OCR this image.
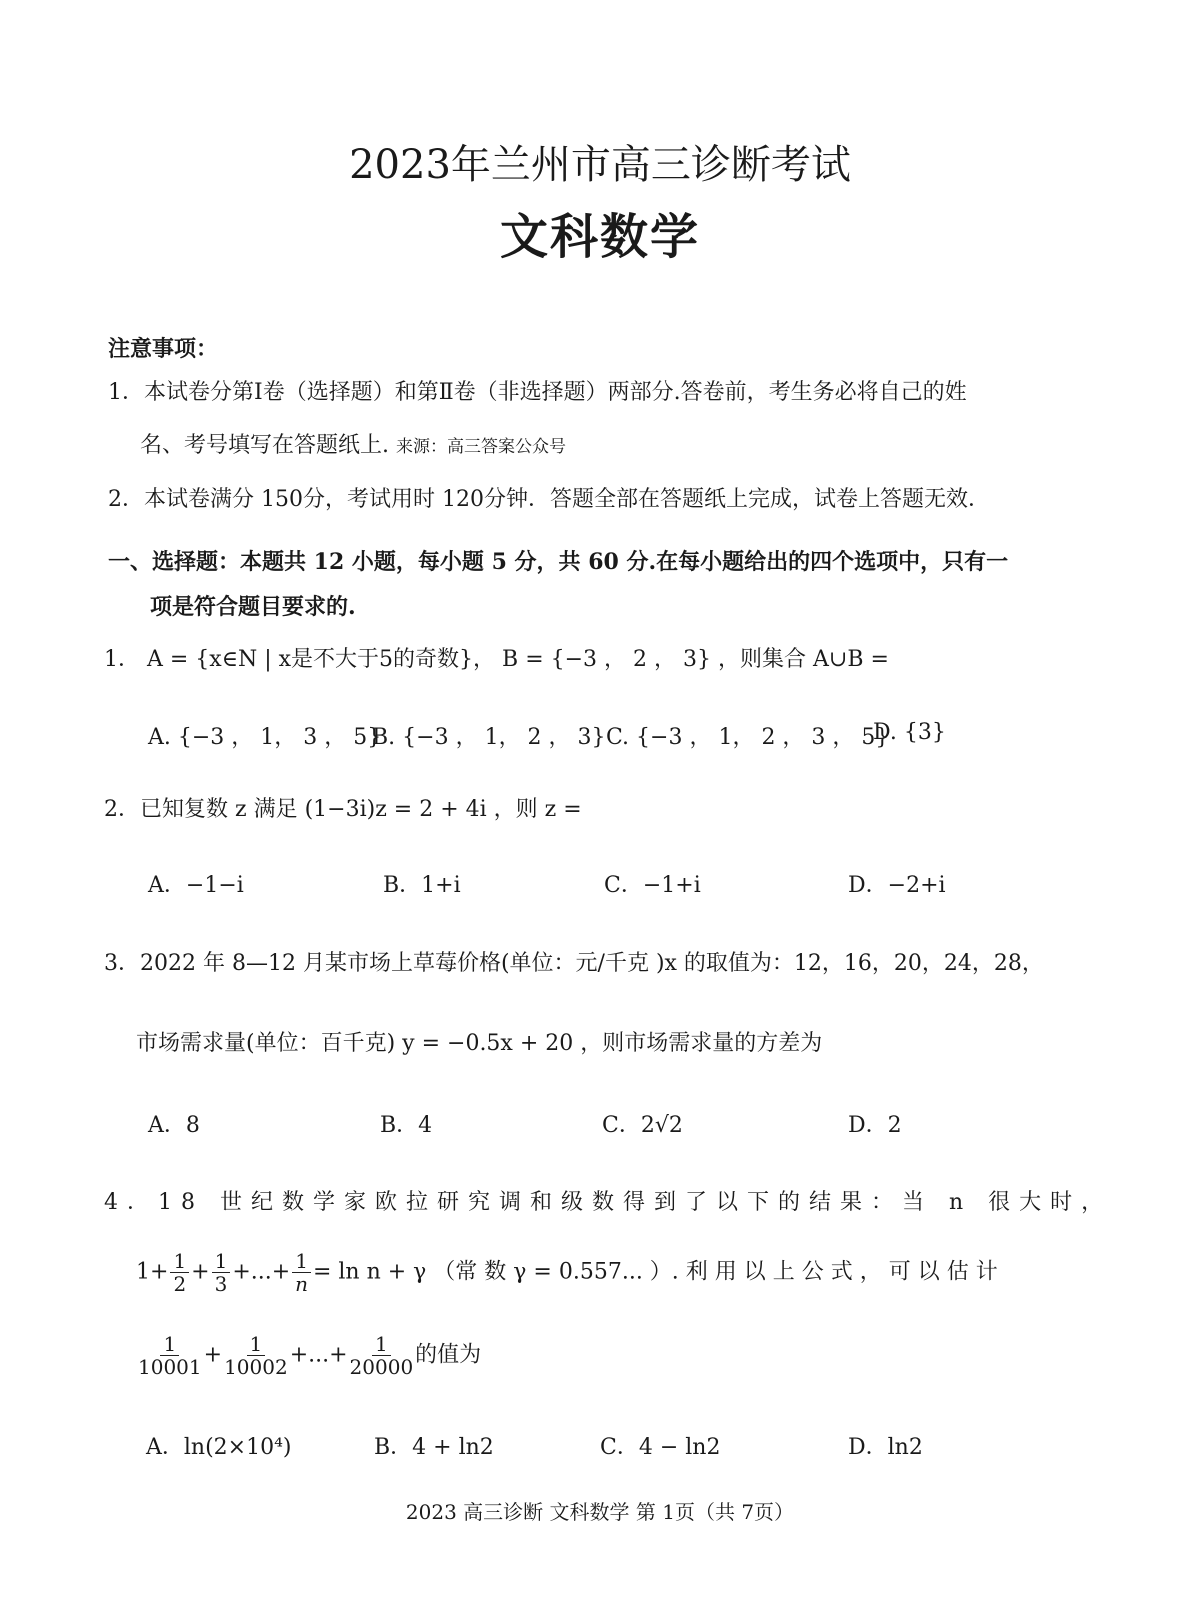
2023年兰州市高三诊断考试
文科数学
注意事项：
1．本试卷分第Ⅰ卷（选择题）和第Ⅱ卷（非选择题）两部分.答卷前，考生务必将自己的姓
名、考号填写在答题纸上. 来源：高三答案公众号
2．本试卷满分 150分，考试用时 120分钟．答题全部在答题纸上完成，试卷上答题无效．
一、选择题：本题共 12 小题，每小题 5 分，共 60 分.在每小题给出的四个选项中，只有一
项是符合题目要求的.
1． A = {x∈N | x是不大于5的奇数}， B = {−3 ， 2 ， 3} ，则集合 A∪B =
A. {−3 ， 1， 3 ， 5}
B. {−3 ， 1， 2 ， 3} C. {−3 ， 1， 2 ， 3 ， 5}
D. {3}
2．已知复数 z 满足 (1−3i)z = 2 + 4i ，则 z =
A．−1−i	B．1+i	C．−1+i	D．−2+i
3．2022 年 8—12 月某市场上草莓价格(单位：元/千克 )x 的取值为：12，16，20，24，28，
市场需求量(单位：百千克) y = −0.5x + 20 ，则市场需求量的方差为
A．8	B．4	C．2√2	D．2
4．18 世纪数学家欧拉研究调和级数得到了以下的结果：当 n 很大时，
$1+ \frac{1}{2} + \frac{1}{3}$ +...+ $\frac{1}{n} = \ln n + \gamma$ （常 数 γ = 0.557... ）. 利 用 以 上 公 式 ， 可 以 估 计
$\frac{1}{10001} + \frac{1}{10002}$ +...+ $\frac{1}{20000}$ 的值为
A．ln(2×10⁴)	B．4 + ln2	C．4 − ln2	D．ln2
2023 高三诊断 文科数学 第 1页（共 7页）
